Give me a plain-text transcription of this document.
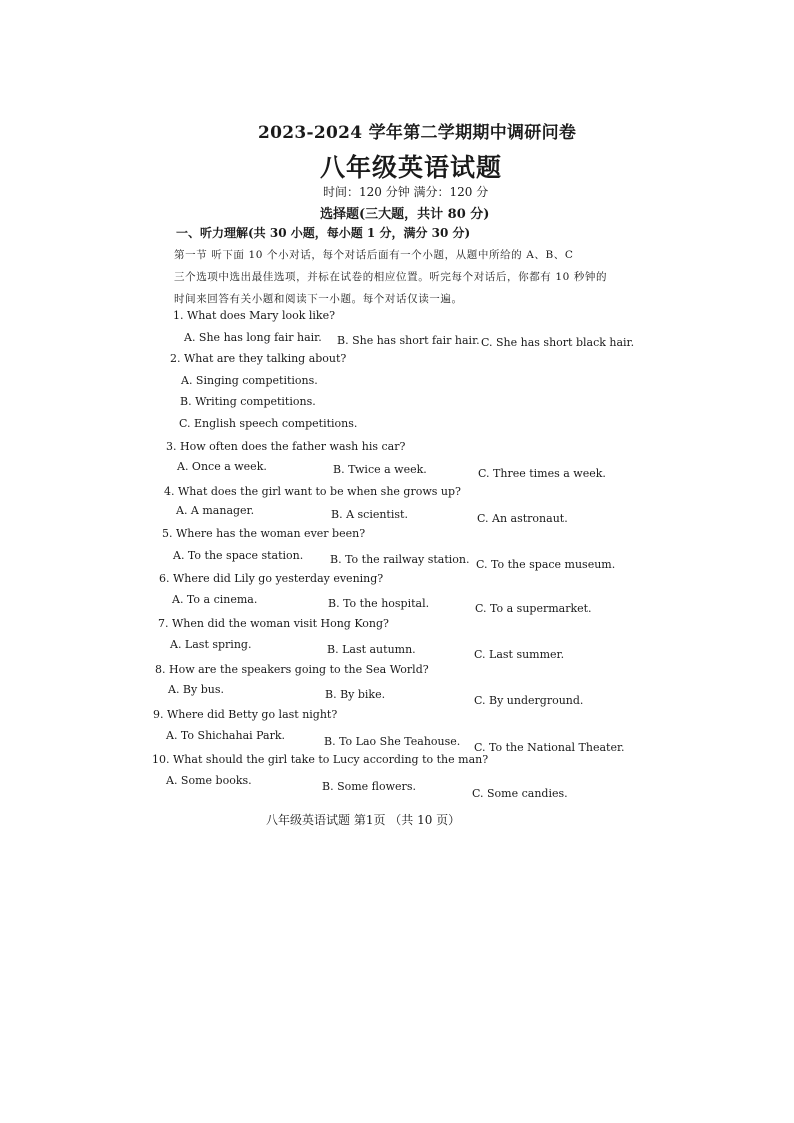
2023-2024 学年第二学期期中调研问卷
八年级英语试题
时间：120 分钟 满分：120 分
选择题(三大题，共计 80 分)
一、听力理解(共 30 小题，每小题 1 分，满分 30 分)
第一节 听下面 10 个小对话，每个对话后面有一个小题，从题中所给的 A、B、C
三个选项中选出最佳选项，并标在试卷的相应位置。听完每个对话后，你都有 10 秒钟的
时间来回答有关小题和阅读下一小题。每个对话仅读一遍。
1. What does Mary look like?
A. She has long fair hair. B. She has short fair hair. C. She has short black hair.
2. What are they talking about?
A. Singing competitions.
B. Writing competitions.
C. English speech competitions.
3. How often does the father wash his car?
A. Once a week.	B. Twice a week.	C. Three times a week.
4. What does the girl want to be when she grows up?
A. A manager.	B. A scientist.	C. An astronaut.
5. Where has the woman ever been?
A. To the space station. B. To the railway station. C. To the space museum.
6. Where did Lily go yesterday evening?
A. To a cinema.	B. To the hospital.	C. To a supermarket.
7. When did the woman visit Hong Kong?
A. Last spring.	B. Last autumn.	C. Last summer.
8. How are the speakers going to the Sea World?
A. By bus.	B. By bike.	C. By underground.
9. Where did Betty go last night?
A. To Shichahai Park.	B. To Lao She Teahouse. C. To the National Theater.
10. What should the girl take to Lucy according to the man?
A. Some books.	B. Some flowers.
C. Some candies.
八年级英语试题 第1页 （共 10 页）
